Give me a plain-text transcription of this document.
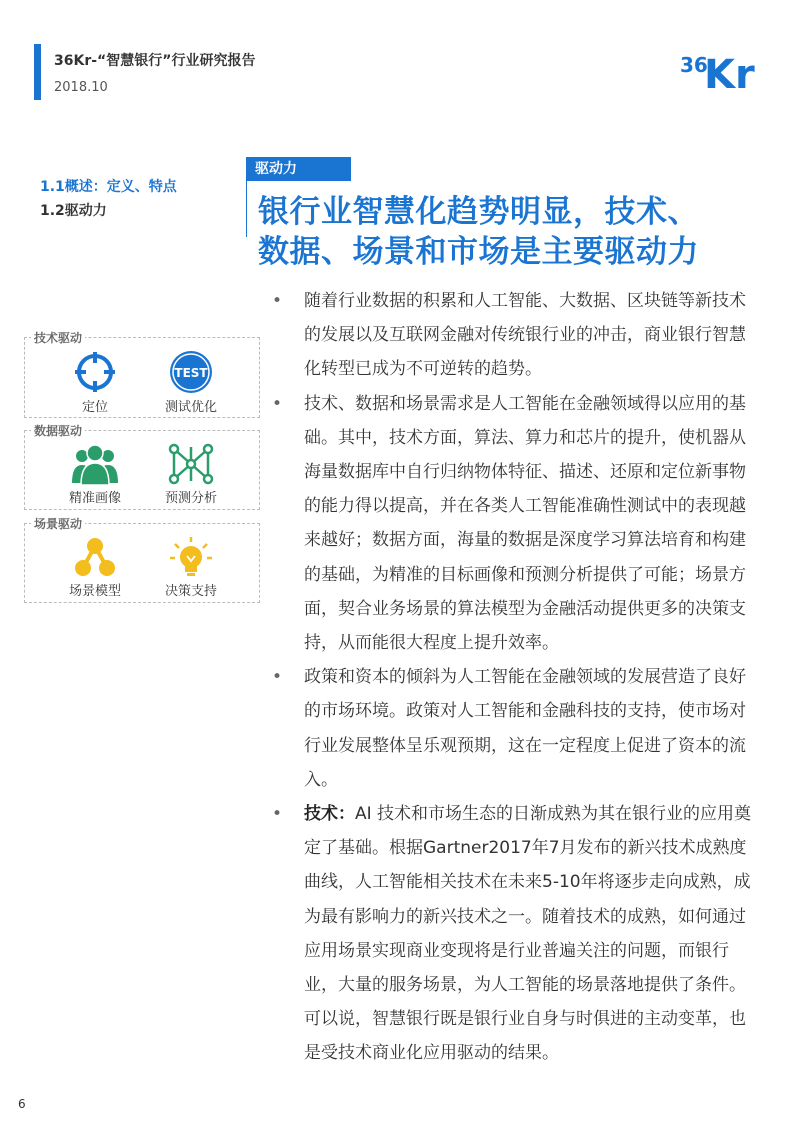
36Kr-“智慧银行”行业研究报告
2018.10
36
Kr
1.1概述：定义、特点
1.2驱动力
驱动力
银行业智慧化趋势明显，技术、
数据、场景和市场是主要驱动力
技术驱动
定位
TEST
测试优化
数据驱动
精准画像	预测分析
场景驱动
场景模型	决策支持
• 随着行业数据的积累和人工智能、大数据、区块链等新技术的发展以及互联网金融对传统银行业的冲击，商业银行智慧化转型已成为不可逆转的趋势。
• 技术、数据和场景需求是人工智能在金融领域得以应用的基础。其中，技术方面，算法、算力和芯片的提升，使机器从海量数据库中自行归纳物体特征、描述、还原和定位新事物的能力得以提高，并在各类人工智能准确性测试中的表现越来越好；数据方面，海量的数据是深度学习算法培育和构建的基础，为精准的目标画像和预测分析提供了可能；场景方面，契合业务场景的算法模型为金融活动提供更多的决策支持，从而能很大程度上提升效率。
• 政策和资本的倾斜为人工智能在金融领域的发展营造了良好的市场环境。政策对人工智能和金融科技的支持，使市场对行业发展整体呈乐观预期，这在一定程度上促进了资本的流入。
• 技术：AI 技术和市场生态的日渐成熟为其在银行业的应用奠定了基础。根据Gartner2017年7月发布的新兴技术成熟度曲线，人工智能相关技术在未来5-10年将逐步走向成熟，成为最有影响力的新兴技术之一。随着技术的成熟，如何通过应用场景实现商业变现将是行业普遍关注的问题，而银行业，大量的服务场景，为人工智能的场景落地提供了条件。可以说，智慧银行既是银行业自身与时俱进的主动变革，也是受技术商业化应用驱动的结果。
6
